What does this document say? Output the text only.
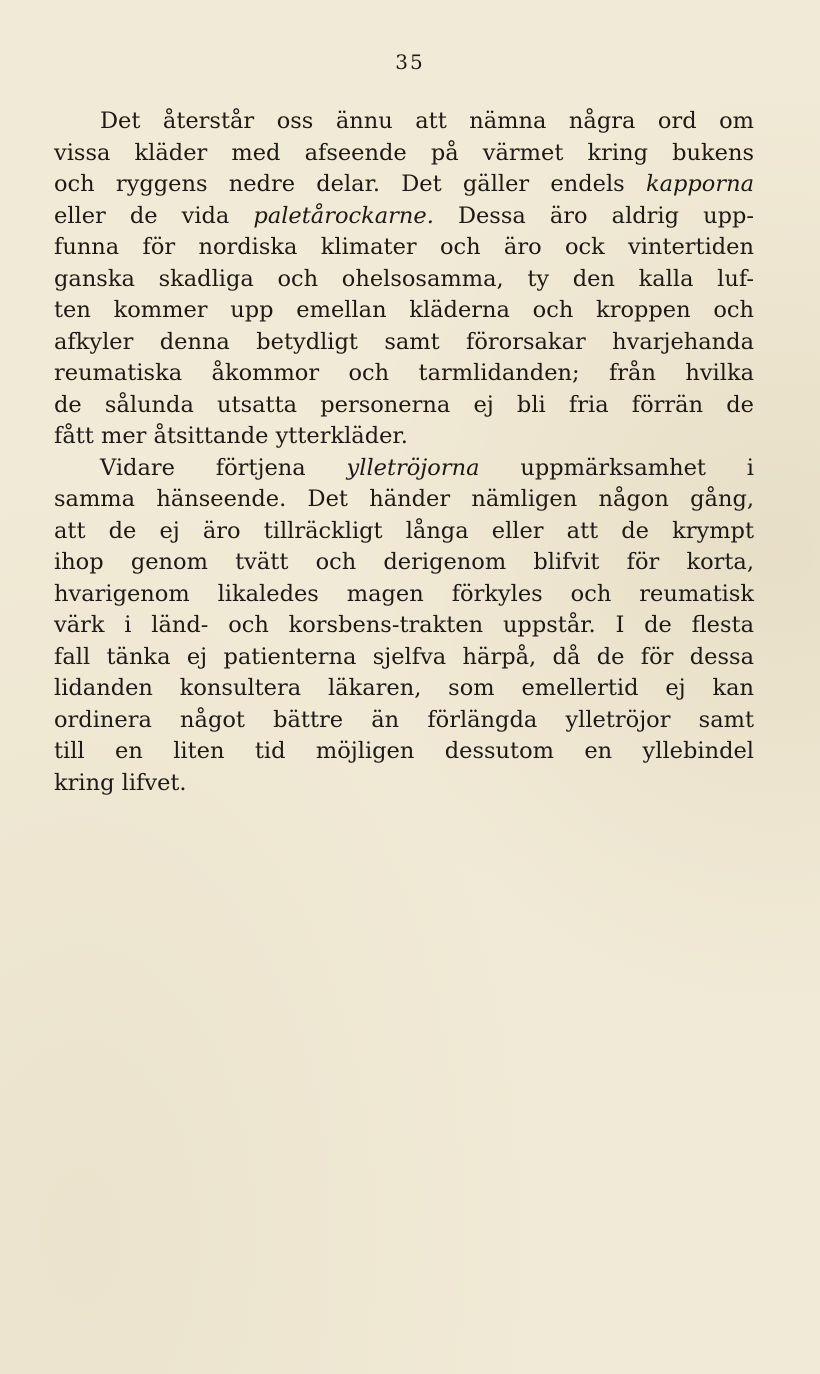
35

Det återstår oss ännu att nämna några ord om
vissa kläder med afseende på värmet kring bukens
och ryggens nedre delar. Det gäller endels kapporna
eller de vida paletårockarne. Dessa äro aldrig upp-
funna för nordiska klimater och äro ock vintertiden
ganska skadliga och ohelsosamma, ty den kalla luf-
ten kommer upp emellan kläderna och kroppen och
afkyler denna betydligt samt förorsakar hvarjehanda
reumatiska åkommor och tarmlidanden; från hvilka
de sålunda utsatta personerna ej bli fria förrän de
fått mer åtsittande ytterkläder.

Vidare förtjena ylletröjorna uppmärksamhet i
samma hänseende. Det händer nämligen någon gång,
att de ej äro tillräckligt långa eller att de krympt
ihop genom tvätt och derigenom blifvit för korta,
hvarigenom likaledes magen förkyles och reumatisk
värk i länd- och korsbens-trakten uppstår. I de flesta
fall tänka ej patienterna sjelfva härpå, då de för dessa
lidanden konsultera läkaren, som emellertid ej kan
ordinera något bättre än förlängda ylletröjor samt
till en liten tid möjligen dessutom en yllebindel
kring lifvet.
